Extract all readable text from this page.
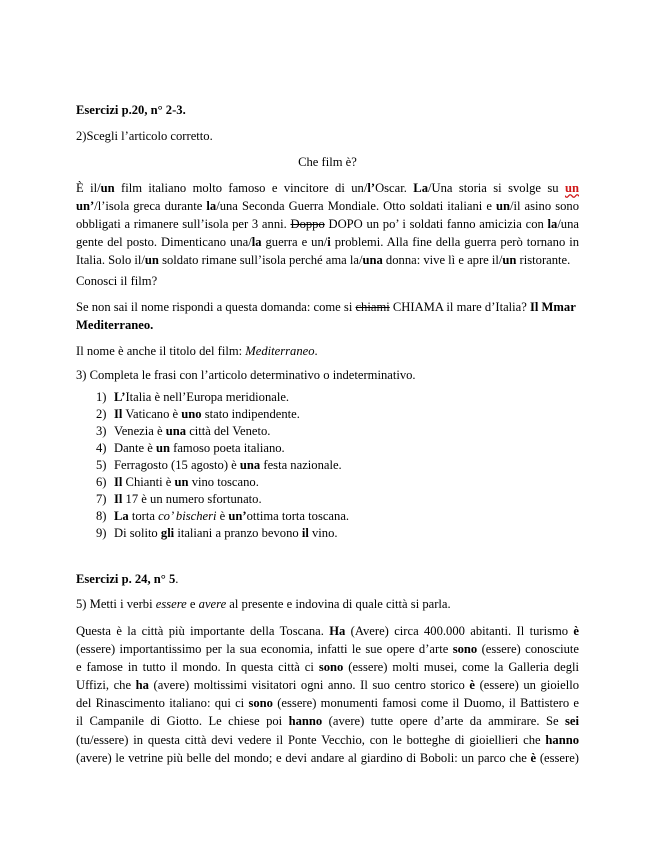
Esercizi p.20, n° 2-3.
2)Scegli l’articolo corretto.
Che film è?
È il/un film italiano molto famoso e vincitore di un/l’Oscar. La/Una storia si svolge su un
un’/l’isola greca durante la/una Seconda Guerra Mondiale. Otto soldati italiani e un/il asino sono
obbligati a rimanere sull’isola per 3 anni. Doppo DOPO un po’ i soldati fanno amicizia con la/una
gente del posto. Dimenticano una/la guerra e un/i problemi. Alla fine della guerra però tornano in
Italia. Solo il/un soldato rimane sull’isola perché ama la/una donna: vive lì e apre il/un ristorante.
Conosci il film?
Se non sai il nome rispondi a questa domanda: come si chiami CHIAMA il mare d’Italia? Il Mmar
Mediterraneo.
Il nome è anche il titolo del film: Mediterraneo.
3) Completa le frasi con l’articolo determinativo o indeterminativo.
1) L’Italia è nell’Europa meridionale.
2) Il Vaticano è uno stato indipendente.
3) Venezia è una città del Veneto.
4) Dante è un famoso poeta italiano.
5) Ferragosto (15 agosto) è una festa nazionale.
6) Il Chianti è un vino toscano.
7) Il 17 è un numero sfortunato.
8) La torta co’ bischeri è un’ottima torta toscana.
9) Di solito gli italiani a pranzo bevono il vino.
Esercizi p. 24, n° 5.
5) Metti i verbi essere e avere al presente e indovina di quale città si parla.
Questa è la città più importante della Toscana. Ha (Avere) circa 400.000 abitanti. Il turismo è
(essere) importantissimo per la sua economia, infatti le sue opere d’arte sono (essere) conosciute
e famose in tutto il mondo. In questa città ci sono (essere) molti musei, come la Galleria degli
Uffizi, che ha (avere) moltissimi visitatori ogni anno. Il suo centro storico è (essere) un gioiello
del Rinascimento italiano: qui ci sono (essere) monumenti famosi come il Duomo, il Battistero e
il Campanile di Giotto. Le chiese poi hanno (avere) tutte opere d’arte da ammirare. Se sei
(tu/essere) in questa città devi vedere il Ponte Vecchio, con le botteghe di gioiellieri che hanno
(avere) le vetrine più belle del mondo; e devi andare al giardino di Boboli: un parco che è (essere)
